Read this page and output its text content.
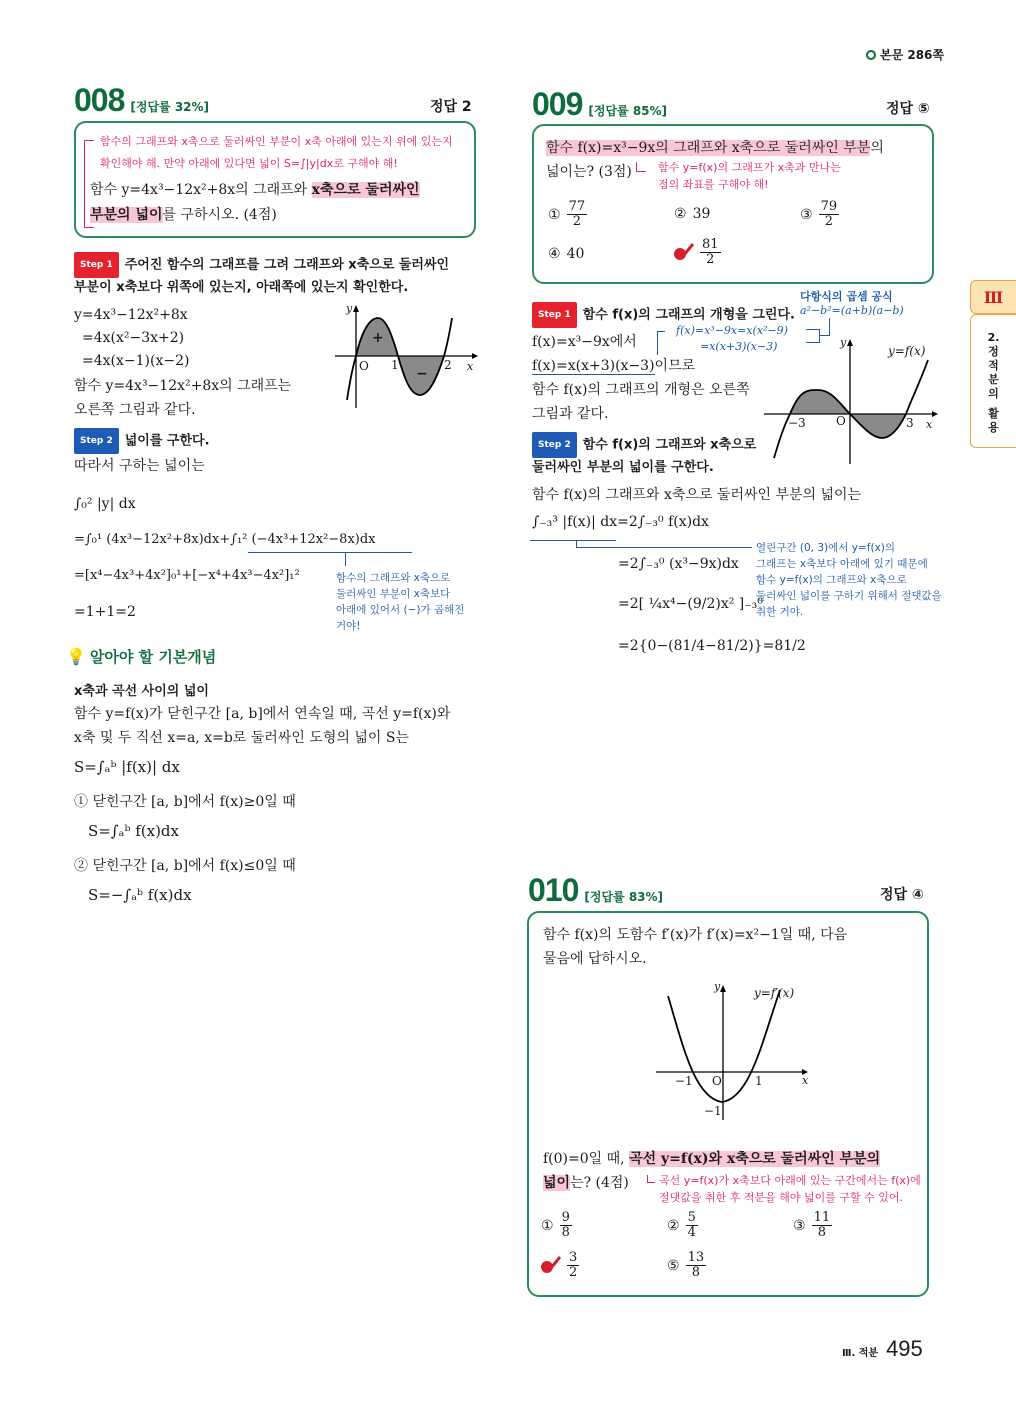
본문 286쪽
008 [정답률 32%]	정답 2
함수의 그래프와 x축으로 둘러싸인 부분이 x축 아래에 있는지 위에 있는지
확인해야 해. 만약 아래에 있다면 넓이 S=∫|y|dx로 구해야 해!
함수 y=4x³−12x²+8x의 그래프와 x축으로 둘러싸인
부분의 넓이를 구하시오. (4점)
Step 1 주어진 함수의 그래프를 그려 그래프와 x축으로 둘러싸인
부분이 x축보다 위쪽에 있는지, 아래쪽에 있는지 확인한다.
y=4x³−12x²+8x
=4x(x²−3x+2)
=4x(x−1)(x−2)
함수 y=4x³−12x²+8x의 그래프는
오른쪽 그림과 같다.
y
x
O 1	2
+
−
Step 2 넓이를 구한다.
따라서 구하는 넓이는
∫₀² |y| dx
=∫₀¹ (4x³−12x²+8x)dx+∫₁² (−4x³+12x²−8x)dx
=[x⁴−4x³+4x²]₀¹+[−x⁴+4x³−4x²]₁²
=1+1=2
함수의 그래프와 x축으로
둘러싸인 부분이 x축보다
아래에 있어서 (−)가 곱해진
거야!
💡 알아야 할 기본개념
x축과 곡선 사이의 넓이
함수 y=f(x)가 닫힌구간 [a, b]에서 연속일 때, 곡선 y=f(x)와
x축 및 두 직선 x=a, x=b로 둘러싸인 도형의 넓이 S는
S=∫ₐᵇ |f(x)| dx
① 닫힌구간 [a, b]에서 f(x)≥0일 때
S=∫ₐᵇ f(x)dx
② 닫힌구간 [a, b]에서 f(x)≤0일 때
S=−∫ₐᵇ f(x)dx
009 [정답률 85%]	정답 ⑤
함수 f(x)=x³−9x의 그래프와 x축으로 둘러싸인 부분의
넓이는? (3점) 함수 y=f(x)의 그래프가 x축과 만나는
점의 좌표를 구해야 해!
① $\frac{77}{2}$	② 39	③ $\frac{79}{2}$
④ 40	$\frac{81}{2}$
다항식의 곱셈 공식
a²−b²=(a+b)(a−b)
Step 1 함수 f(x)의 그래프의 개형을 그린다.
f(x)=x³−9x에서
f(x)=x³−9x=x(x²−9)
=x(x+3)(x−3)
f(x)=x(x+3)(x−3)이므로
함수 f(x)의 그래프의 개형은 오른쪽
그림과 같다.
y
x
O
−3	3
y=f(x)
Step 2 함수 f(x)의 그래프와 x축으로
둘러싸인 부분의 넓이를 구한다.
함수 f(x)의 그래프와 x축으로 둘러싸인 부분의 넓이는
∫₋₃³ |f(x)| dx=2∫₋₃⁰ f(x)dx
=2∫₋₃⁰ (x³−9x)dx
=2[ ¼x⁴−(9/2)x² ]₋₃⁰
=2{0−(81/4−81/2)}=81/2
열린구간 (0, 3)에서 y=f(x)의
그래프는 x축보다 아래에 있기 때문에
함수 y=f(x)의 그래프와 x축으로
둘러싸인 넓이를 구하기 위해서 절댓값을
취한 거야.
Ⅲ
2.
정
적
분
의
활
용
010 [정답률 83%]	정답 ④
함수 f(x)의 도함수 f′(x)가 f′(x)=x²−1일 때, 다음
물음에 답하시오.
y
x
O
−1	1
−1
y=f′(x)
f(0)=0일 때, 곡선 y=f(x)와 x축으로 둘러싸인 부분의
넓이는? (4점)	곡선 y=f(x)가 x축보다 아래에 있는 구간에서는 f(x)에
절댓값을 취한 후 적분을 해야 넓이를 구할 수 있어.
① $\frac{9}{8}$	② $\frac{5}{4}$	③ $\frac{11}{8}$
$\frac{3}{2}$	⑤ $\frac{13}{8}$
Ⅲ. 적분 495
